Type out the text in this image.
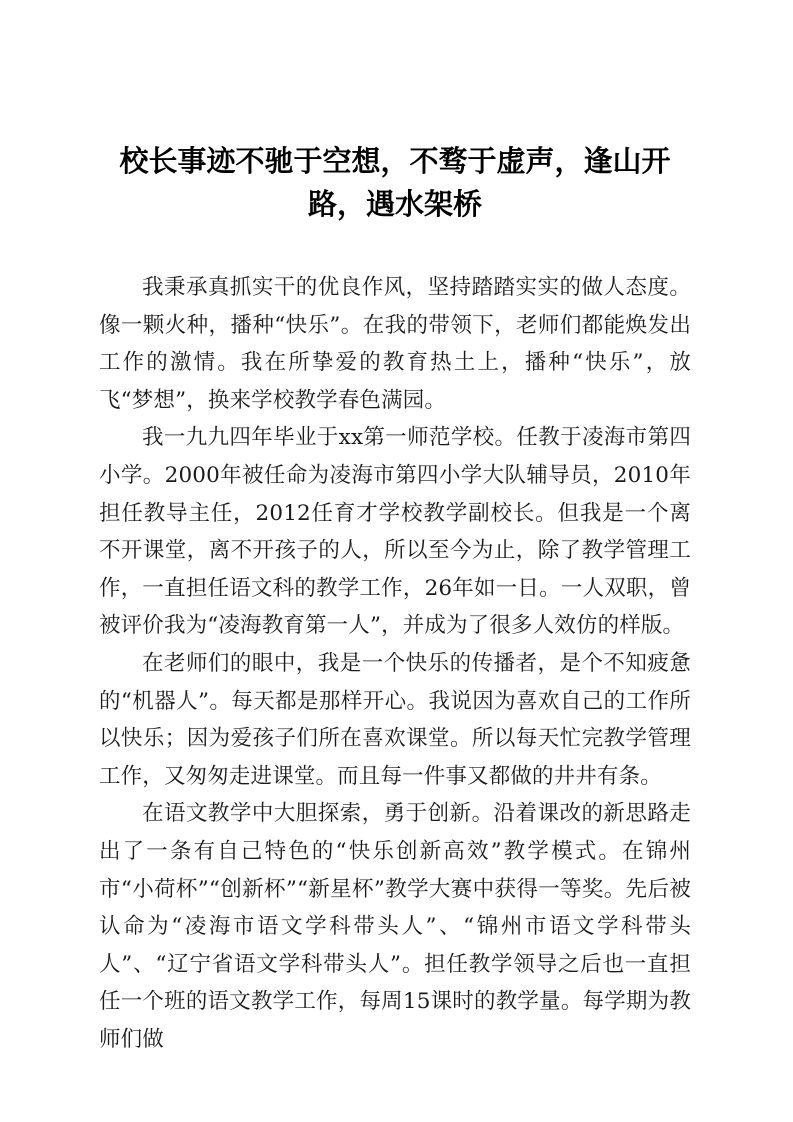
校长事迹不驰于空想，不骛于虚声，逢山开路，遇水架桥

我秉承真抓实干的优良作风，坚持踏踏实实的做人态度。像一颗火种，播种“快乐”。在我的带领下，老师们都能焕发出工作的激情。我在所挚爱的教育热土上，播种“快乐”，放飞“梦想”，换来学校教学春色满园。

我一九九四年毕业于xx第一师范学校。任教于凌海市第四小学。2000年被任命为凌海市第四小学大队辅导员，2010年担任教导主任，2012任育才学校教学副校长。但我是一个离不开课堂，离不开孩子的人，所以至今为止，除了教学管理工作，一直担任语文科的教学工作，26年如一日。一人双职，曾被评价我为“凌海教育第一人”，并成为了很多人效仿的样版。

在老师们的眼中，我是一个快乐的传播者，是个不知疲惫的“机器人”。每天都是那样开心。我说因为喜欢自己的工作所以快乐；因为爱孩子们所在喜欢课堂。所以每天忙完教学管理工作，又匆匆走进课堂。而且每一件事又都做的井井有条。

在语文教学中大胆探索，勇于创新。沿着课改的新思路走出了一条有自己特色的“快乐创新高效”教学模式。在锦州市“小荷杯”“创新杯”“新星杯”教学大赛中获得一等奖。先后被认命为“凌海市语文学科带头人”、“锦州市语文学科带头人”、“辽宁省语文学科带头人”。担任教学领导之后也一直担任一个班的语文教学工作，每周15课时的教学量。每学期为教师们做
